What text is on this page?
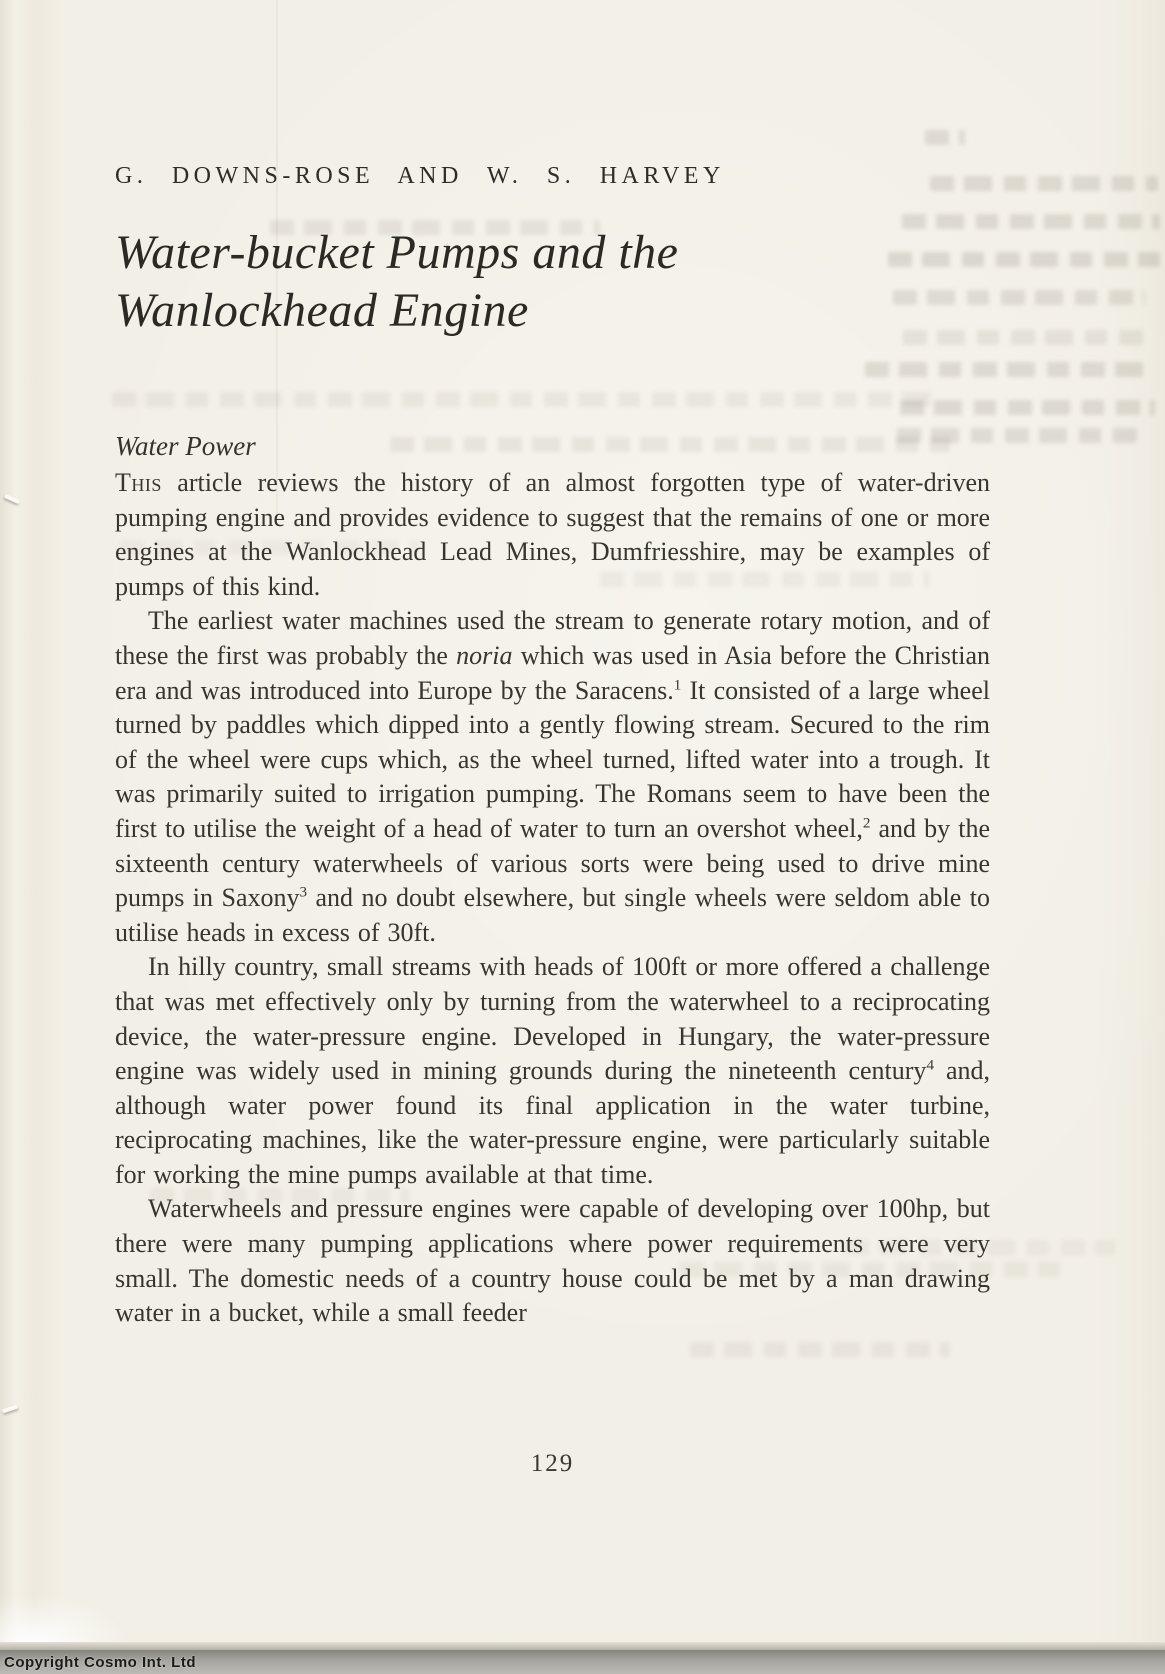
G. DOWNS-ROSE AND W. S. HARVEY
Water-bucket Pumps and the
Wanlockhead Engine
Water Power

This article reviews the history of an almost forgotten type of water-driven pumping engine and provides evidence to suggest that the remains of one or more engines at the Wanlockhead Lead Mines, Dumfriesshire, may be examples of pumps of this kind.

The earliest water machines used the stream to generate rotary motion, and of these the first was probably the noria which was used in Asia before the Christian era and was introduced into Europe by the Saracens.$^1$ It consisted of a large wheel turned by paddles which dipped into a gently flowing stream. Secured to the rim of the wheel were cups which, as the wheel turned, lifted water into a trough. It was primarily suited to irrigation pumping. The Romans seem to have been the first to utilise the weight of a head of water to turn an overshot wheel,$^2$ and by the sixteenth century waterwheels of various sorts were being used to drive mine pumps in Saxony$^3$ and no doubt elsewhere, but single wheels were seldom able to utilise heads in excess of 30ft.

In hilly country, small streams with heads of 100ft or more offered a challenge that was met effectively only by turning from the waterwheel to a reciprocating device, the water-pressure engine. Developed in Hungary, the water-pressure engine was widely used in mining grounds during the nineteenth century$^4$ and, although water power found its final application in the water turbine, reciprocating machines, like the water-pressure engine, were particularly suitable for working the mine pumps available at that time.

Waterwheels and pressure engines were capable of developing over 100hp, but there were many pumping applications where power requirements were very small. The domestic needs of a country house could be met by a man drawing water in a bucket, while a small feeder

129
Copyright Cosmo Int. Ltd
